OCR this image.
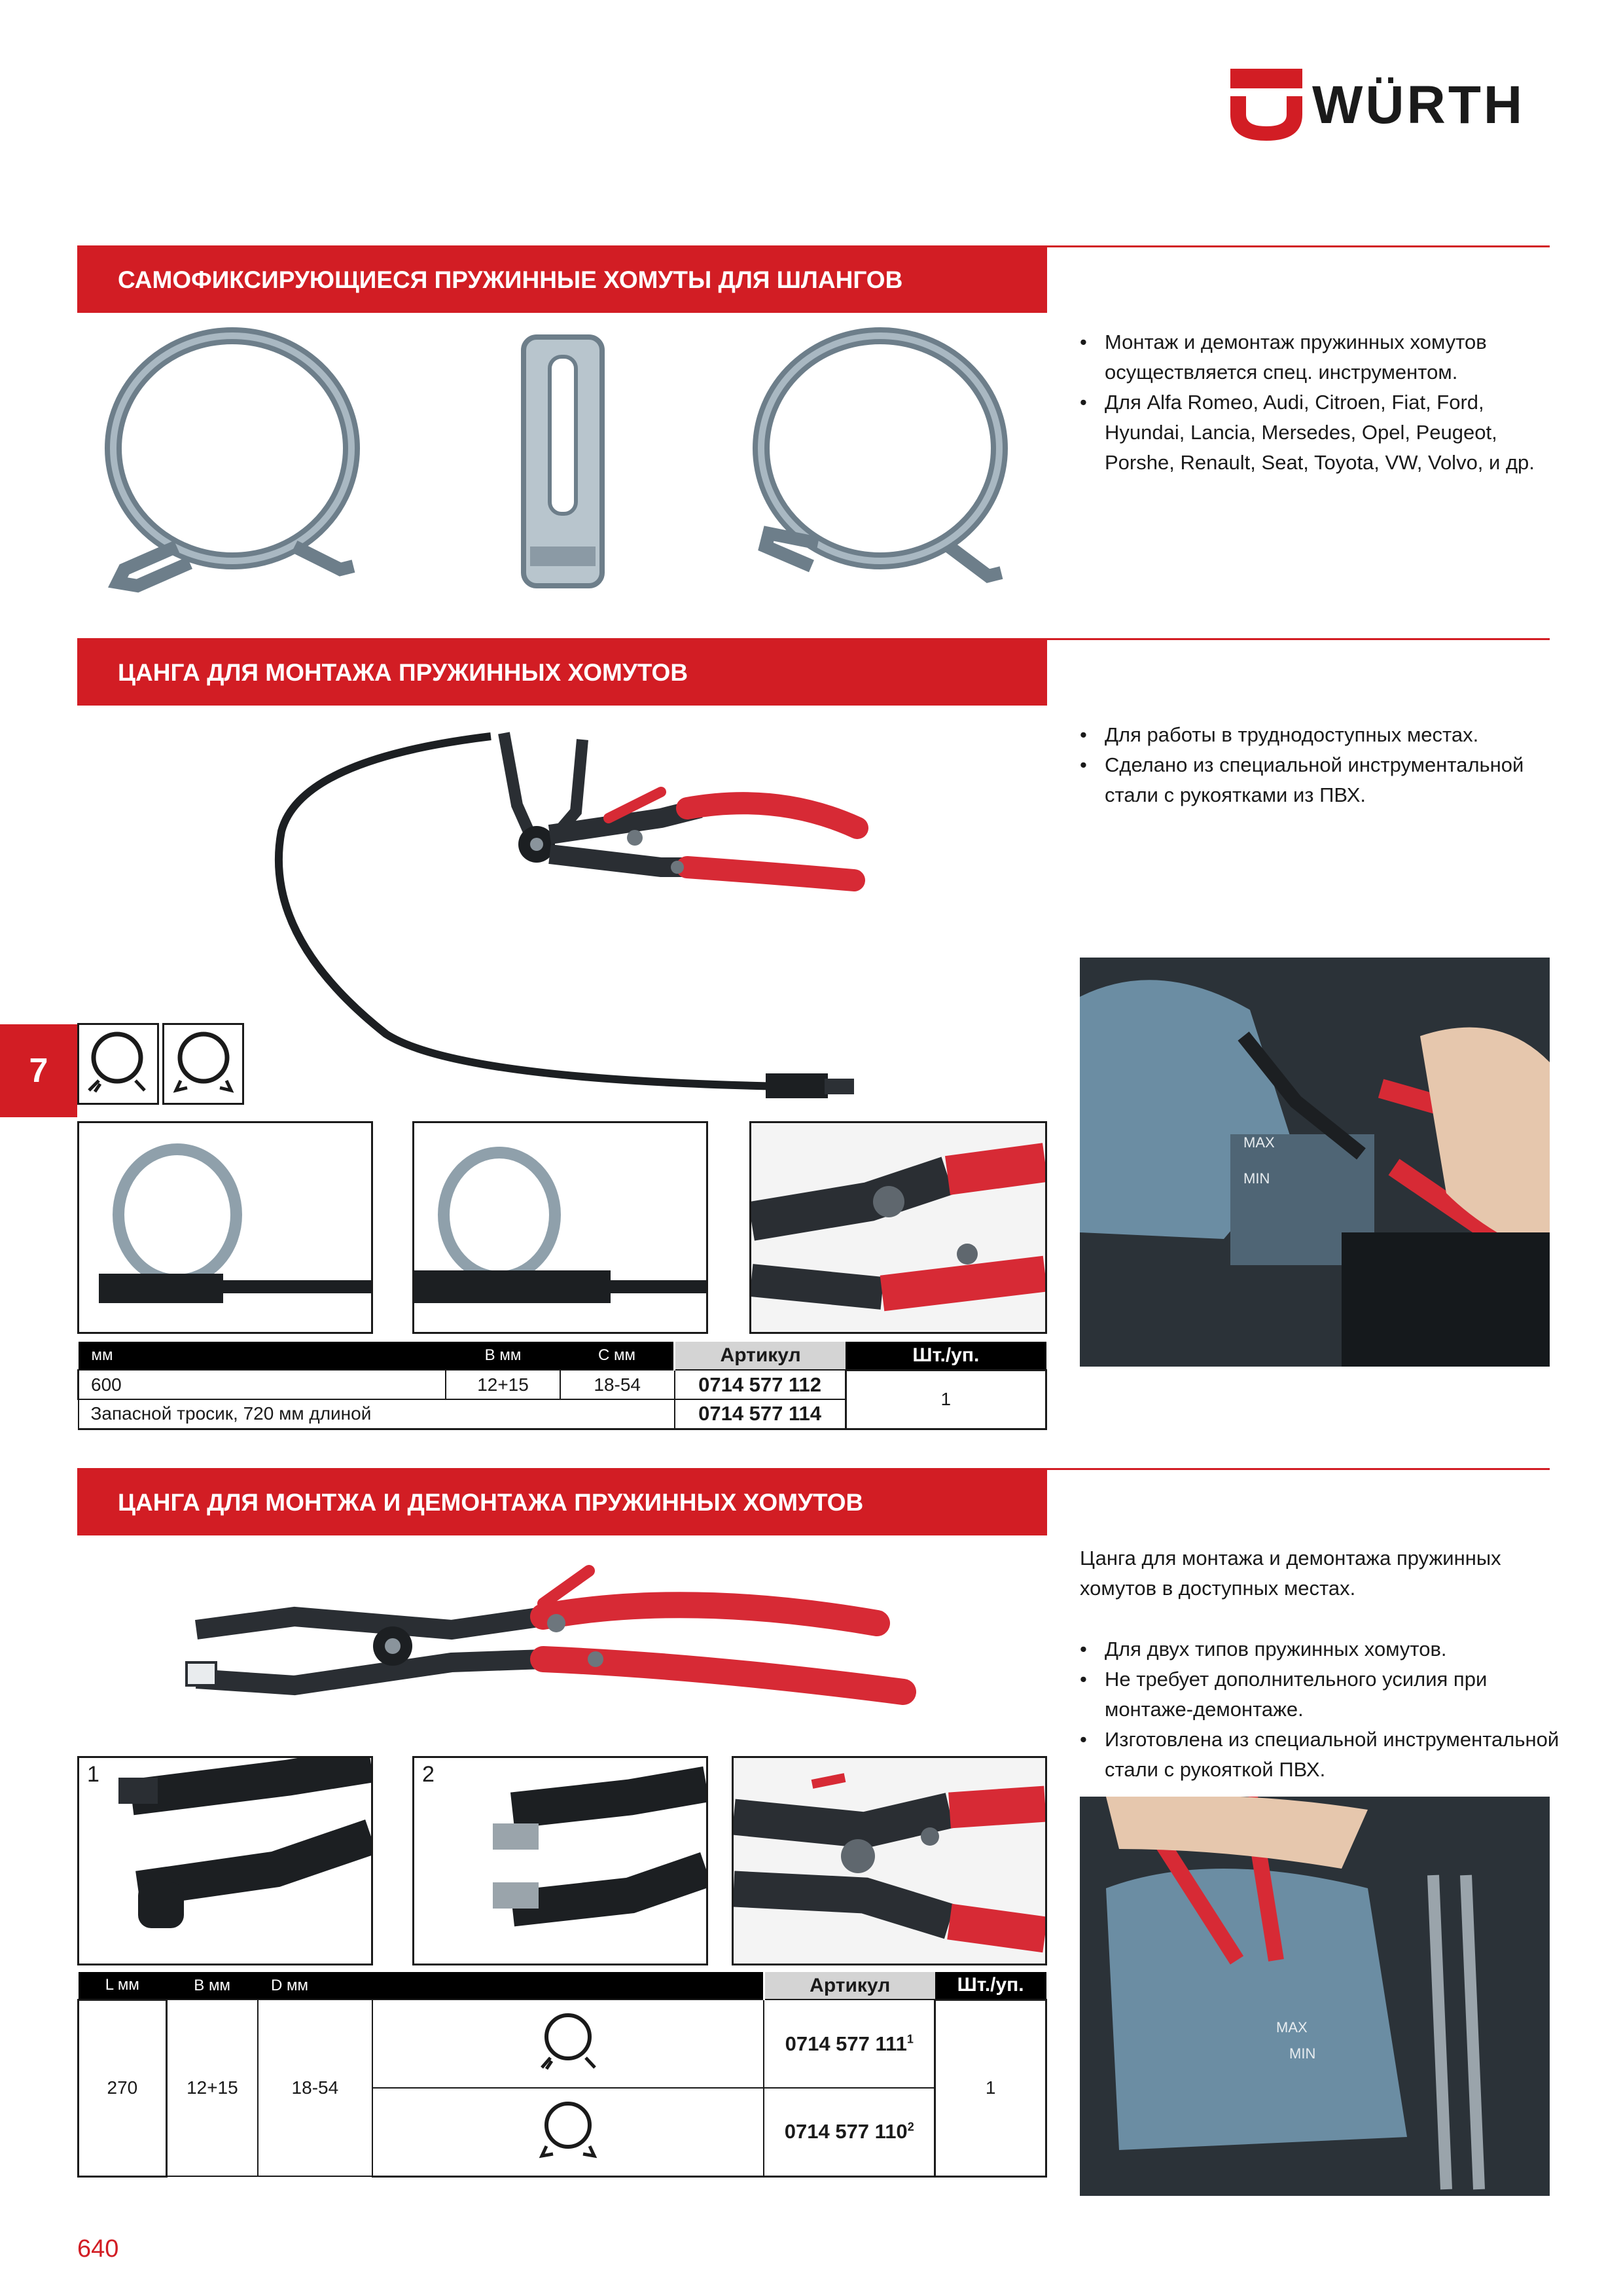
WÜRTH
САМОФИКСИРУЮЩИЕСЯ ПРУЖИННЫЕ ХОМУТЫ ДЛЯ ШЛАНГОВ
• Монтаж и демонтаж пружинных хомутов осуществляется спец. инструментом.
• Для Alfa Romeo, Audi, Citroen, Fiat, Ford, Hyundai, Lancia, Mersedes, Opel, Peugeot, Porshe, Renault, Seat, Toyota, VW, Volvo, и др.
ЦАНГА ДЛЯ МОНТАЖА ПРУЖИННЫХ ХОМУТОВ
• Для работы в труднодоступных местах.
• Сделано из специальной инструментальной стали с рукоятками из ПВХ.
7
MAX
MIN
мм	B мм	C мм	Артикул	Шт./уп.
600	12+15	18-54	0714 577 112	1
Запасной тросик, 720 мм длиной			0714 577 114	
ЦАНГА ДЛЯ МОНТЖА И ДЕМОНТАЖА ПРУЖИННЫХ ХОМУТОВ
Цанга для монтажа и демонтажа пружинных хомутов в доступных местах.
• Для двух типов пружинных хомутов.
• Не требует дополнительного усилия при монтаже-демонтаже.
• Изготовлена из специальной инструментальной стали с рукояткой ПВХ.
1	2
MAX
MIN
L мм	B мм	D мм		Артикул	Шт./уп.
270	12+15	18-54		0714 577 $111^1$	1
	0714 577 $110^2$
640
